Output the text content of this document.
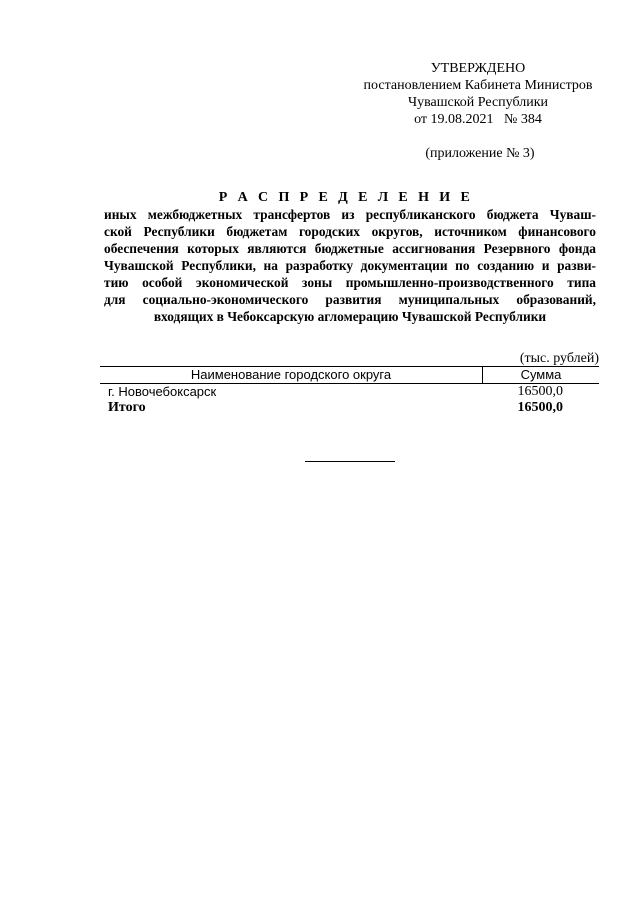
УТВЕРЖДЕНО
постановлением Кабинета Министров
Чувашской Республики
от 19.08.2021   № 384
(приложение № 3)
Р А С П Р Е Д Е Л Е Н И Е
иных межбюджетных трансфертов из республиканского бюджета Чуваш-
ской Республики бюджетам городских округов, источником финансового
обеспечения которых являются бюджетные ассигнования Резервного фонда
Чувашской Республики, на разработку документации по созданию и разви-
тию особой экономической зоны промышленно-производственного типа
для социально-экономического развития муниципальных образований,
входящих в Чебоксарскую агломерацию Чувашской Республики
(тыс. рублей)
Наименование городского округа	Сумма
г. Новочебоксарск	16500,0
Итого	16500,0
